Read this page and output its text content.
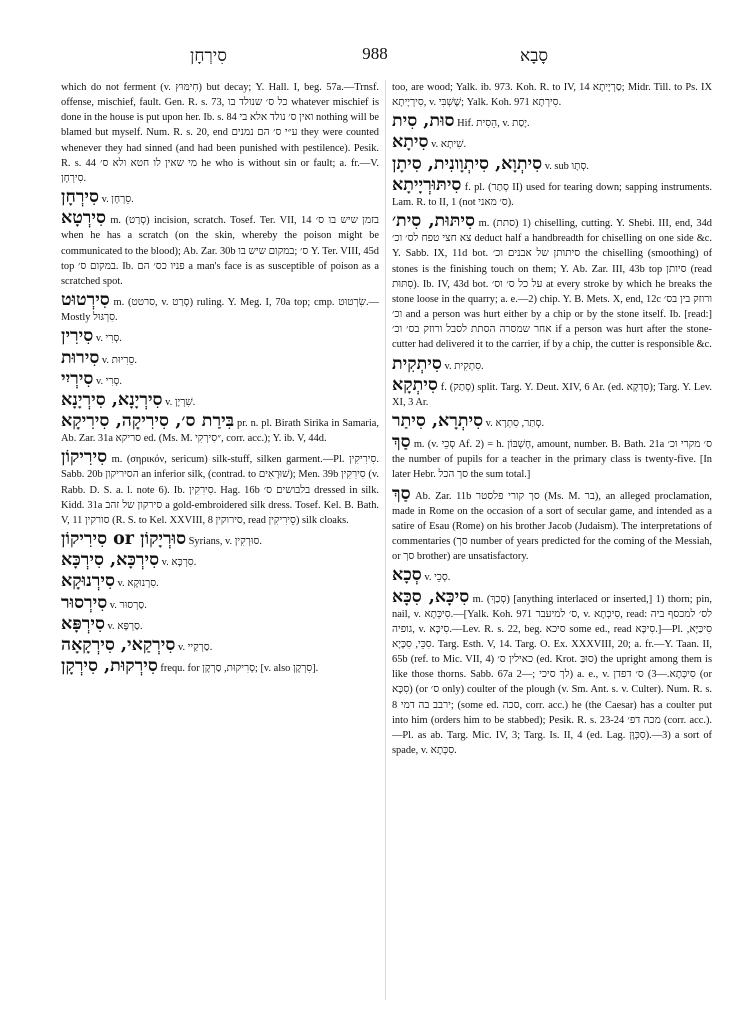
סִירְחָן	988	סָבָא
which do not ferment (v. חִימּוּץ) but decay; Y. Hall. I, beg. 57a.—Trnsf. offense, mischief, fault. Gen. R. s. 73, כל ס׳ שנולד בו whatever mischief is done in the house is put upon her. Ib. s. 84 ואין ס׳ נולד אלא בי nothing will be blamed but myself. Num. R. s. 20, end ע״י ס׳ הם נמנים they were counted whenever they had sinned (and had been punished with pestilence). Pesik. R. s. 44 מי שאין לו חטא ולא ס׳ he who is without sin or fault; a. fr.—V. סִירְחָן.
סִירְחָן v. סֵרְחָן.
סִירְטָא m. (סְרַט) incision, scratch. Tosef. Ter. VII, 14 בזמן שיש בו ס׳ when he has a scratch (on the skin, whereby the poison might be communicated to the blood); Ab. Zar. 30b ס׳ ;במקום שיש בו Y. Ter. VIII, 45d top במקום ס׳. Ib. פניו כס׳ הם a man's face is as susceptible of poison as a scratched spot.
סִירְטוּט m. (סרטט, v. סְרַט) ruling. Y. Meg. I, 70a top; cmp. שִׂרְטוּט.—Mostly סִרְגּוּל.
סִירִין v. סְרִי.
סִירוּת v. סֵרִיוּת.
סִירְיִי v. סְרִי.
סִירְיָנָא, סִירְיָנָא v. שִׁרְיָן.
בִּירַת ס׳, סִירִיקָה, סִירִיקָא pr. n. pl. Birath Sirika in Samaria, Ab. Zar. 31a סריקא ed. (Ms. M. ״סִירְקִי, corr. acc.); Y. ib. V, 44d.
סִירִיקוֹן m. (σηρικόν, sericum) silk-stuff, silken garment.—Pl. סִירִיקִין. Sabb. 20b הסיריקון an inferior silk, (contrad. to שׁוּרָאִים); Men. 39b סִירִקִין (v. Rabb. D. S. a. l. note 6). Ib. סִירִקִין. Hag. 16b בלבושים ס׳ dressed in silk. Kidd. 31a סירקון של זהב a gold-embroidered silk dress. Tosef. Kel. B. Bath. V, 11 סורקין (R. S. to Kel. XXVIII, 8 סירוקין, read סֵירִיקִין) silk cloaks.
סִירִיקוֹן or סוּרְיָקוֹן Syrians, v. סוּרְקִין.
סִירְכָּא, סִירְכָּא v. סִרְכָּא.
סִירְנוּקָא v. סִרְנוּקָא.
סִירְסוּר v. סַרְסוּר.
סִירְפָּא v. סַרְפָּא.
סִירְקַאי, סִירְקָאָה v. סַרְקַיי.
סִירְקוּת, סִירְקָן frequ. for סְרִיקוּת, סַרְקָן; [v. also סִרְקָן].
too, are wood; Yalk. ib. 973. Koh. R. to IV, 14 סַרְיָיתָא; Midr. Till. to Ps. IX סִירְיָיתָא, v. שָׁשְׁבִּי; Yalk. Koh. 971 סִירְתָא.
סוּת, סִית Hif. הֵסִית, v. יָסַת.
סִיתָא v. שִׁיתָא.
סִיתְוָא, סִיתְוָונִית, סִיתָן v. sub סְתָו.
סִיתּוּרְיָיתָא f. pl. (סְתַר II) used for tearing down; sapping instruments. Lam. R. to II, 1 (not ס׳ מאני).
סִיתּוּת, סִית׳ m. (סתת) 1) chiselling, cutting. Y. Shebi. III, end, 34d צא חצי טפח לס׳ וכ׳ deduct half a handbreadth for chiselling on one side &c. Y. Sabb. IX, 11d bot. סיתותן של אבנים וכ׳ the chiselling (smoothing) of stones is the finishing touch on them; Y. Ab. Zar. III, 43b top סיותן (read סִתּוּת). Ib. IV, 43d bot. על כל ס׳ וס׳ at every stroke by which he breaks the stone loose in the quarry; a. e.—2) chip. Y. B. Mets. X, end, 12c ורוזק בין בס׳ וכ׳ and a person was hurt either by a chip or by the stone itself. Ib. [read:] אחר שמסרה הסתת לסבל ורוזק בס׳ וכ׳ if a person was hurt after the stone-cutter had delivered it to the carrier, if by a chip, the cutter is responsible &c.
סִיתְקִית v. סִתְקִית.
סִיתְקָא f. (סְתַק) split. Targ. Y. Deut. XIV, 6 Ar. (ed. סִדְקָא); Targ. Y. Lev. XI, 3 Ar.
סִיתְרָא, סִיתַר v. סְתַר, סִתְרָא.
סַךְ m. (v. סְכֵי Af. 2) = h. חֶשְׁבּוֹן, amount, number. B. Bath. 21a ס׳ מקרי וכ׳ the number of pupils for a teacher in the primary class is twenty-five. [In later Hebr. סך הכל the sum total.]
סַךְ Ab. Zar. 11b סך קורי פלסטר (Ms. M. בר), an alleged proclamation, made in Rome on the occasion of a sort of secular game, and intended as a satire of Esau (Rome) on his brother Jacob (Judaism). The interpretations of commentaries (סך number of years predicted for the coming of the Messiah, or סך brother) are unsatisfactory.
סְכָא v. סְכֵי.
סִיכָּא, סִכָּא m. (סְכַךְ) [anything interlaced or inserted,] 1) thorn; pin, nail, v. סִיכְּתָא.—[Yalk. Koh. 971 ס׳ למיעבר, v. סִיכְתָא, read: לס׳ למכסף ביה גופיה, v. סִיכָּא.—Lev. R. s. 22, beg. סיכא some ed., read סִיכָּא.]—Pl. סִיכַּיָּא, סִכֵּי, סִכָּיָא. Targ. Esth. V, 14. Targ. O. Ex. XXXVIII, 20; a. fr.—Y. Taan. II, 65b (ref. to Mic. VII, 4) כאילין ס׳ (ed. Krot. סוּבַּ) the upright among them is like those thorns. Sabb. 67a לך סיכי ;—2) a. e., v. סִיכְּתָא.—3) ס׳ דפדן (or סִכָּא) (or ס׳ only) coulter of the plough (v. Sm. Ant. s. v. Culter). Num. R. s. 8 ירבב בה דמי; (some ed. סכה, corr. acc.) he (the Caesar) has a coulter put into him (orders him to be stabbed); Pesik. R. s. 23-24 מכה דפ׳ (corr. acc.).—Pl. as ab. Targ. Mic. IV, 3; Targ. Is. II, 4 (ed. Lag. סִכְּוָּן).—3) a sort of spade, v. סִכְּתָא.
